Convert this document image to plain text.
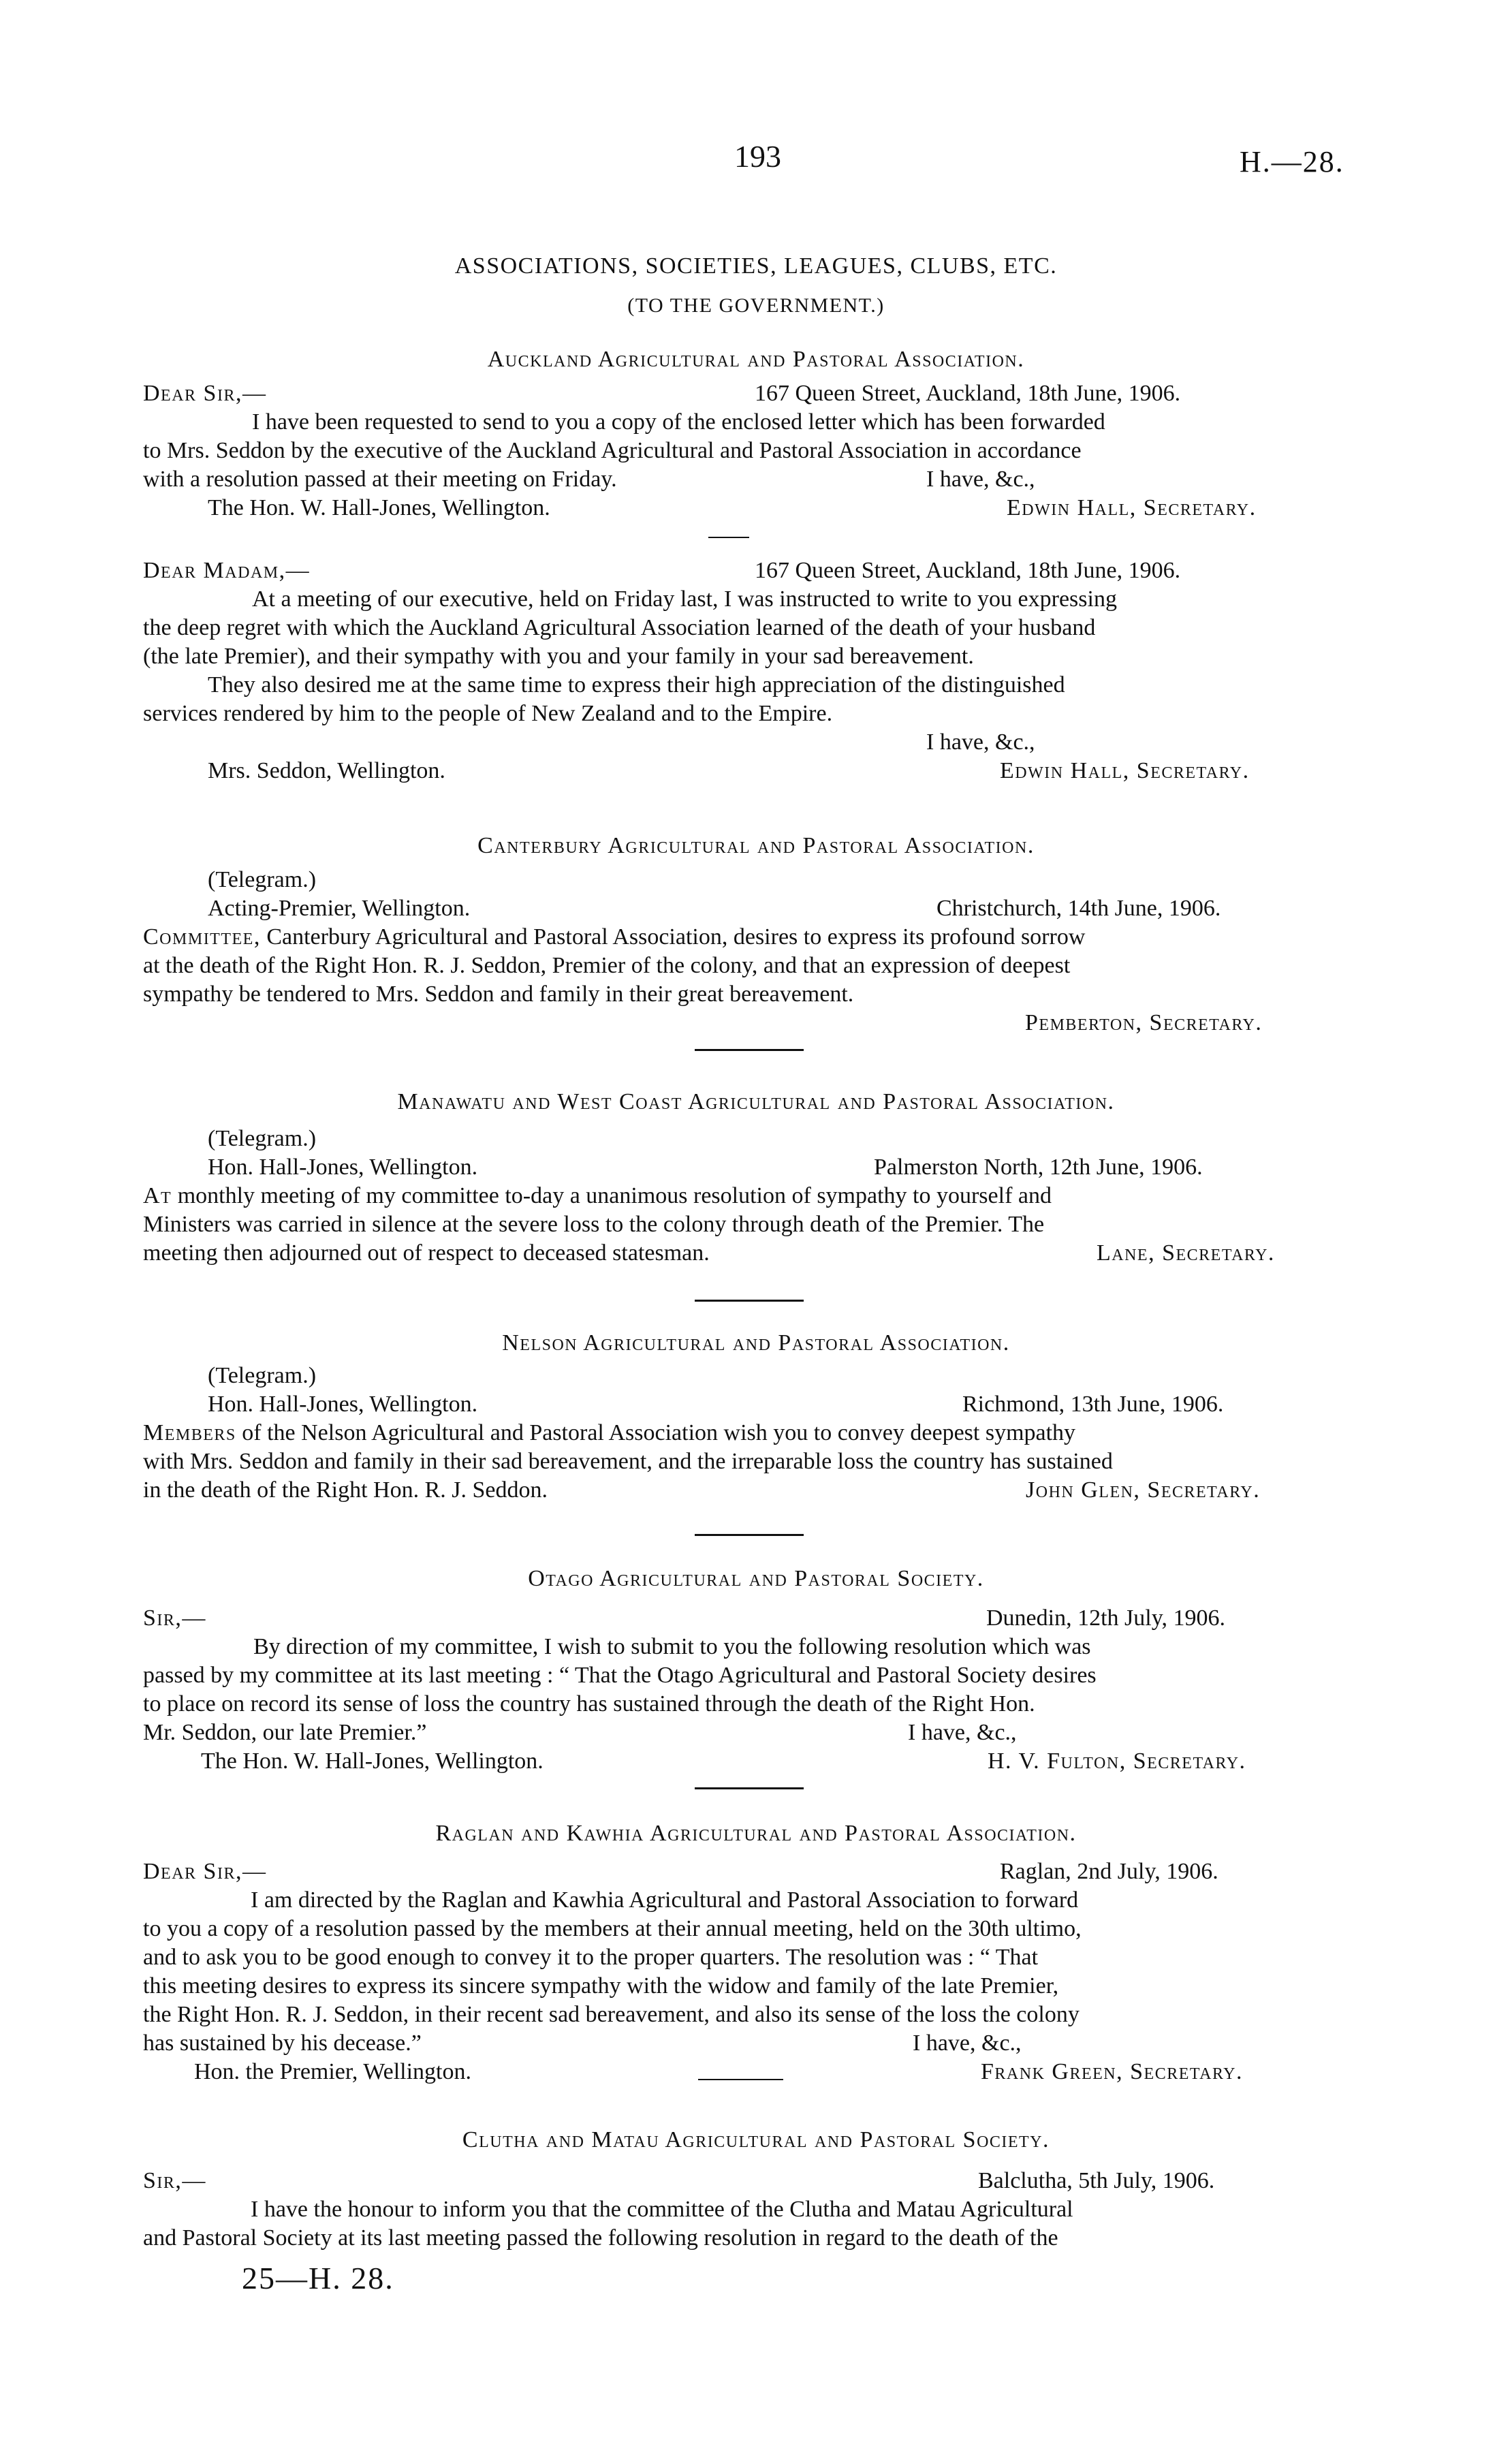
193	H.—28.
ASSOCIATIONS, SOCIETIES, LEAGUES, CLUBS, ETC.
(TO THE GOVERNMENT.)
Auckland Agricultural and Pastoral Association.
Dear Sir,—	167 Queen Street, Auckland, 18th June, 1906.
I have been requested to send to you a copy of the enclosed letter which has been forwarded
to Mrs. Seddon by the executive of the Auckland Agricultural and Pastoral Association in accordance
with a resolution passed at their meeting on Friday.	I have, &c.,
The Hon. W. Hall-Jones, Wellington.	Edwin Hall, Secretary.
Dear Madam,—	167 Queen Street, Auckland, 18th June, 1906.
At a meeting of our executive, held on Friday last, I was instructed to write to you expressing
the deep regret with which the Auckland Agricultural Association learned of the death of your husband
(the late Premier), and their sympathy with you and your family in your sad bereavement.
They also desired me at the same time to express their high appreciation of the distinguished
services rendered by him to the people of New Zealand and to the Empire.
I have, &c.,
Mrs. Seddon, Wellington.	Edwin Hall, Secretary.
Canterbury Agricultural and Pastoral Association.
(Telegram.)
Acting-Premier, Wellington.	Christchurch, 14th June, 1906.
Committee, Canterbury Agricultural and Pastoral Association, desires to express its profound sorrow
at the death of the Right Hon. R. J. Seddon, Premier of the colony, and that an expression of deepest
sympathy be tendered to Mrs. Seddon and family in their great bereavement.
Pemberton, Secretary.
Manawatu and West Coast Agricultural and Pastoral Association.
(Telegram.)
Hon. Hall-Jones, Wellington.	Palmerston North, 12th June, 1906.
At monthly meeting of my committee to-day a unanimous resolution of sympathy to yourself and
Ministers was carried in silence at the severe loss to the colony through death of the Premier. The
meeting then adjourned out of respect to deceased statesman.	Lane, Secretary.
Nelson Agricultural and Pastoral Association.
(Telegram.)
Hon. Hall-Jones, Wellington.	Richmond, 13th June, 1906.
Members of the Nelson Agricultural and Pastoral Association wish you to convey deepest sympathy
with Mrs. Seddon and family in their sad bereavement, and the irreparable loss the country has sustained
in the death of the Right Hon. R. J. Seddon.	John Glen, Secretary.
Otago Agricultural and Pastoral Society.
Sir,—	Dunedin, 12th July, 1906.
By direction of my committee, I wish to submit to you the following resolution which was
passed by my committee at its last meeting : “ That the Otago Agricultural and Pastoral Society desires
to place on record its sense of loss the country has sustained through the death of the Right Hon.
Mr. Seddon, our late Premier.”	I have, &c.,
The Hon. W. Hall-Jones, Wellington.	H. V. Fulton, Secretary.
Raglan and Kawhia Agricultural and Pastoral Association.
Dear Sir,—	Raglan, 2nd July, 1906.
I am directed by the Raglan and Kawhia Agricultural and Pastoral Association to forward
to you a copy of a resolution passed by the members at their annual meeting, held on the 30th ultimo,
and to ask you to be good enough to convey it to the proper quarters. The resolution was : “ That
this meeting desires to express its sincere sympathy with the widow and family of the late Premier,
the Right Hon. R. J. Seddon, in their recent sad bereavement, and also its sense of the loss the colony
has sustained by his decease.”	I have, &c.,
Hon. the Premier, Wellington.	Frank Green, Secretary.
Clutha and Matau Agricultural and Pastoral Society.
Sir,—	Balclutha, 5th July, 1906.
I have the honour to inform you that the committee of the Clutha and Matau Agricultural
and Pastoral Society at its last meeting passed the following resolution in regard to the death of the
25—H. 28.
